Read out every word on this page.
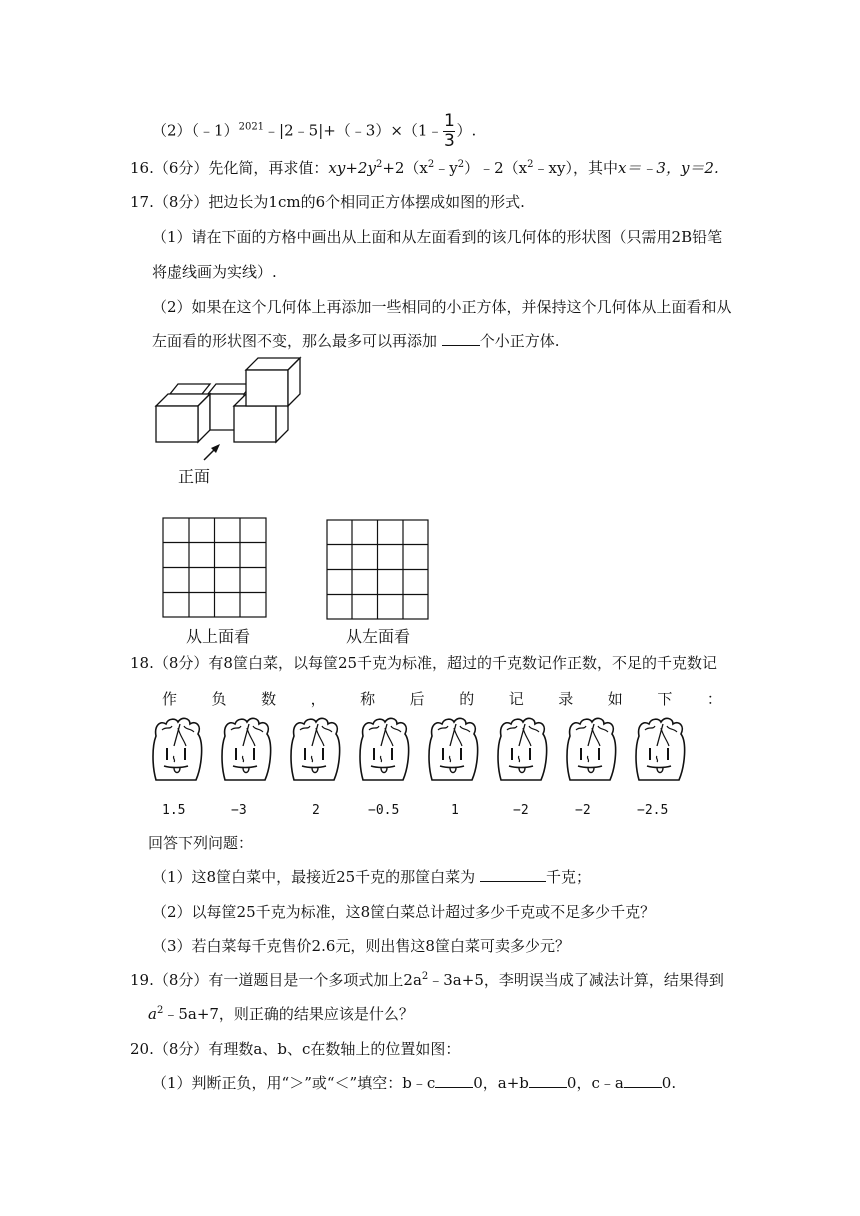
（2）（﹣1）$^{2021}$﹣|2﹣5|+（﹣3）×（1﹣ $\frac{1}{3}$ ）.
16.（6分）先化简，再求值：$xy+2y^2+2(x^2﹣y^2)﹣2(x^2﹣xy)$，其中x＝﹣3，y＝2.
17.（8分）把边长为1cm的6个相同正方体摆成如图的形式.
（1）请在下面的方格中画出从上面和从左面看到的该几何体的形状图（只需用2B铅笔
将虚线画为实线）.
（2）如果在这个几何体上再添加一些相同的小正方体，并保持这个几何体从上面看和从
左面看的形状图不变，那么最多可以再添加	个小正方体.
正面
从上面看	从左面看
18.（8分）有8筐白菜，以每筐25千克为标准，超过的千克数记作正数，不足的千克数记
作 负 数 ， 称 后 的 记 录 如 下 ：
1.5	−3	2	−0.5	1	−2	−2	−2.5
回答下列问题：
（1）这8筐白菜中，最接近25千克的那筐白菜为	千克；
（2）以每筐25千克为标准，这8筐白菜总计超过多少千克或不足多少千克？
（3）若白菜每千克售价2.6元，则出售这8筐白菜可卖多少元？
19.（8分）有一道题目是一个多项式加上$2a^2﹣3a+5$，李明误当成了减法计算，结果得到
$a^2﹣5a+7$，则正确的结果应该是什么？
20.（8分）有理数a、b、c在数轴上的位置如图：
（1）判断正负，用“＞”或“＜”填空：b﹣c	0，a+b	0，c﹣a	0.
